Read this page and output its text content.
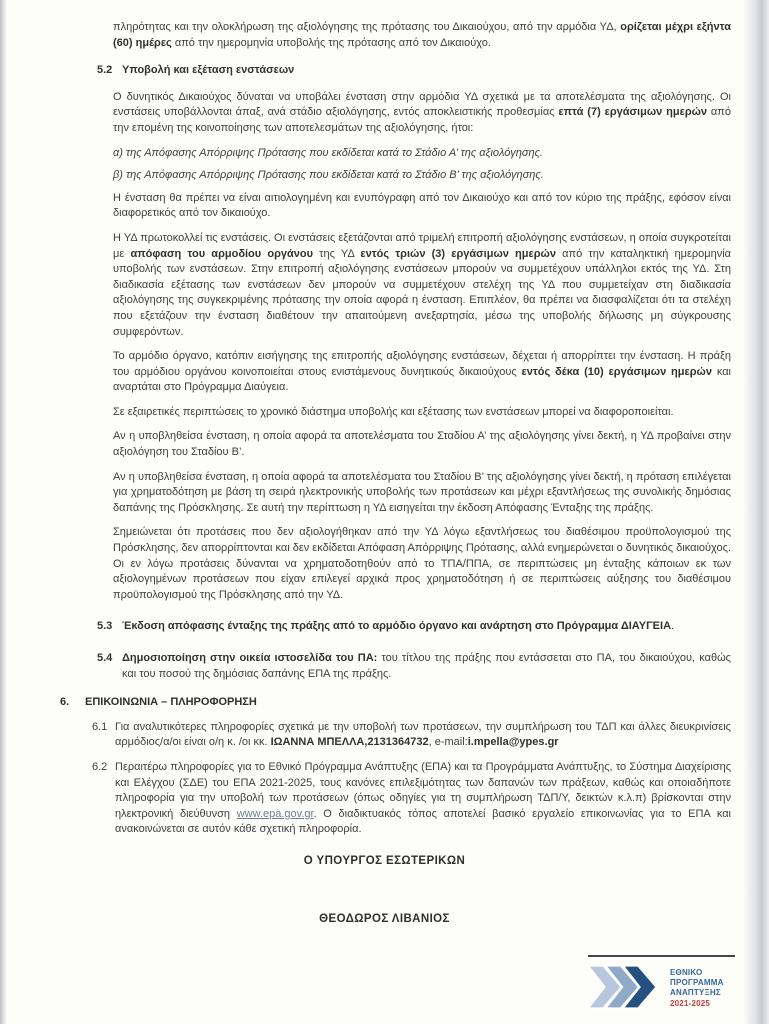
πληρότητας και την ολοκλήρωση της αξιολόγησης της πρότασης του Δικαιούχου, από την αρμόδια ΥΔ, ορίζεται μέχρι εξήντα (60) ημέρες από την ημερομηνία υποβολής της πρότασης από τον Δικαιούχο.
5.2 Υποβολή και εξέταση ενστάσεων
Ο δυνητικός Δικαιούχος δύναται να υποβάλει ένσταση στην αρμόδια ΥΔ σχετικά με τα αποτελέσματα της αξιολόγησης. Οι ενστάσεις υποβάλλονται άπαξ, ανά στάδιο αξιολόγησης, εντός αποκλειστικής προθεσμίας επτά (7) εργάσιμων ημερών από την επομένη της κοινοποίησης των αποτελεσμάτων της αξιολόγησης, ήτοι:
α) της Απόφασης Απόρριψης Πρότασης που εκδίδεται κατά το Στάδιο Α’ της αξιολόγησης.
β) της Απόφασης Απόρριψης Πρότασης που εκδίδεται κατά το Στάδιο Β’ της αξιολόγησης.
Η ένσταση θα πρέπει να είναι αιτιολογημένη και ενυπόγραφη από τον Δικαιούχο και από τον κύριο της πράξης, εφόσον είναι διαφορετικός από τον δικαιούχο.
Η ΥΔ πρωτοκολλεί τις ενστάσεις. Οι ενστάσεις εξετάζονται από τριμελή επιτροπή αξιολόγησης ενστάσεων, η οποία συγκροτείται με απόφαση του αρμοδίου οργάνου της ΥΔ εντός τριών (3) εργάσιμων ημερών από την καταληκτική ημερομηνία υποβολής των ενστάσεων. Στην επιτροπή αξιολόγησης ενστάσεων μπορούν να συμμετέχουν υπάλληλοι εκτός της ΥΔ. Στη διαδικασία εξέτασης των ενστάσεων δεν μπορούν να συμμετέχουν στελέχη της ΥΔ που συμμετείχαν στη διαδικασία αξιολόγησης της συγκεκριμένης πρότασης την οποία αφορά η ένσταση. Επιπλέον, θα πρέπει να διασφαλίζεται ότι τα στελέχη που εξετάζουν την ένσταση διαθέτουν την απαιτούμενη ανεξαρτησία, μέσω της υποβολής δήλωσης μη σύγκρουσης συμφερόντων.
Το αρμόδιο όργανο, κατόπιν εισήγησης της επιτροπής αξιολόγησης ενστάσεων, δέχεται ή απορρίπτει την ένσταση. Η πράξη του αρμόδιου οργάνου κοινοποιείται στους ενιστάμενους δυνητικούς δικαιούχους εντός δέκα (10) εργάσιμων ημερών και αναρτάται στο Πρόγραμμα Διαύγεια.
Σε εξαιρετικές περιπτώσεις το χρονικό διάστημα υποβολής και εξέτασης των ενστάσεων μπορεί να διαφοροποιείται.
Αν η υποβληθείσα ένσταση, η οποία αφορά τα αποτελέσματα του Σταδίου Α’ της αξιολόγησης γίνει δεκτή, η ΥΔ προβαίνει στην αξιολόγηση του Σταδίου Β’.
Αν η υποβληθείσα ένσταση, η οποία αφορά τα αποτελέσματα του Σταδίου Β’ της αξιολόγησης γίνει δεκτή, η πρόταση επιλέγεται για χρηματοδότηση με βάση τη σειρά ηλεκτρονικής υποβολής των προτάσεων και μέχρι εξαντλήσεως της συνολικής δημόσιας δαπάνης της Πρόσκλησης. Σε αυτή την περίπτωση η ΥΔ εισηγείται την έκδοση Απόφασης Ένταξης της πράξης.
Σημειώνεται ότι προτάσεις που δεν αξιολογήθηκαν από την ΥΔ λόγω εξαντλήσεως του διαθέσιμου προϋπολογισμού της Πρόσκλησης, δεν απορρίπτονται και δεν εκδίδεται Απόφαση Απόρριψης Πρότασης, αλλά ενημερώνεται ο δυνητικός δικαιούχος. Οι εν λόγω προτάσεις δύνανται να χρηματοδοτηθούν από το ΤΠΑ/ΠΠΑ, σε περιπτώσεις μη ένταξης κάποιων εκ των αξιολογημένων προτάσεων που είχαν επιλεγεί αρχικά προς χρηματοδότηση ή σε περιπτώσεις αύξησης του διαθέσιμου προϋπολογισμού της Πρόσκλησης από την ΥΔ.
5.3 Έκδοση απόφασης ένταξης της πράξης από το αρμόδιο όργανο και ανάρτηση στο Πρόγραμμα ΔΙΑΥΓΕΙΑ.
5.4 Δημοσιοποίηση στην οικεία ιστοσελίδα του ΠΑ: του τίτλου της πράξης που εντάσσεται στο ΠΑ, του δικαιούχου, καθώς και του ποσού της δημόσιας δαπάνης ΕΠΑ της πράξης.
6.	ΕΠΙΚΟΙΝΩΝΙΑ – ΠΛΗΡΟΦΟΡΗΣΗ
6.1 Για αναλυτικότερες πληροφορίες σχετικά με την υποβολή των προτάσεων, την συμπλήρωση του ΤΔΠ και άλλες διευκρινίσεις αρμόδιος/α/οι είναι ο/η κ. /οι κκ. ΙΩΑΝΝΑ ΜΠΕΛΛΑ,2131364732, e-mail:i.mpella@ypes.gr
6.2 Περαιτέρω πληροφορίες για το Εθνικό Πρόγραμμα Ανάπτυξης (ΕΠΑ) και τα Προγράμματα Ανάπτυξης, το Σύστημα Διαχείρισης και Ελέγχου (ΣΔΕ) του ΕΠΑ 2021-2025, τους κανόνες επιλεξιμότητας των δαπανών των πράξεων, καθώς και οποιαδήποτε πληροφορία για την υποβολή των προτάσεων (όπως οδηγίες για τη συμπλήρωση ΤΔΠ/Υ, δεικτών κ.λ.π) βρίσκονται στην ηλεκτρονική διεύθυνση www.epa.gov.gr. Ο διαδικτυακός τόπος αποτελεί βασικό εργαλείο επικοινωνίας για το ΕΠΑ και ανακοινώνεται σε αυτόν κάθε σχετική πληροφορία.
Ο ΥΠΟΥΡΓΟΣ ΕΣΩΤΕΡΙΚΩΝ
ΘΕΟΔΩΡΟΣ ΛΙΒΑΝΙΟΣ
ΕΘΝΙΚΟ
ΠΡΟΓΡΑΜΜΑ
ΑΝΑΠΤΥΞΗΣ
2021-2025
